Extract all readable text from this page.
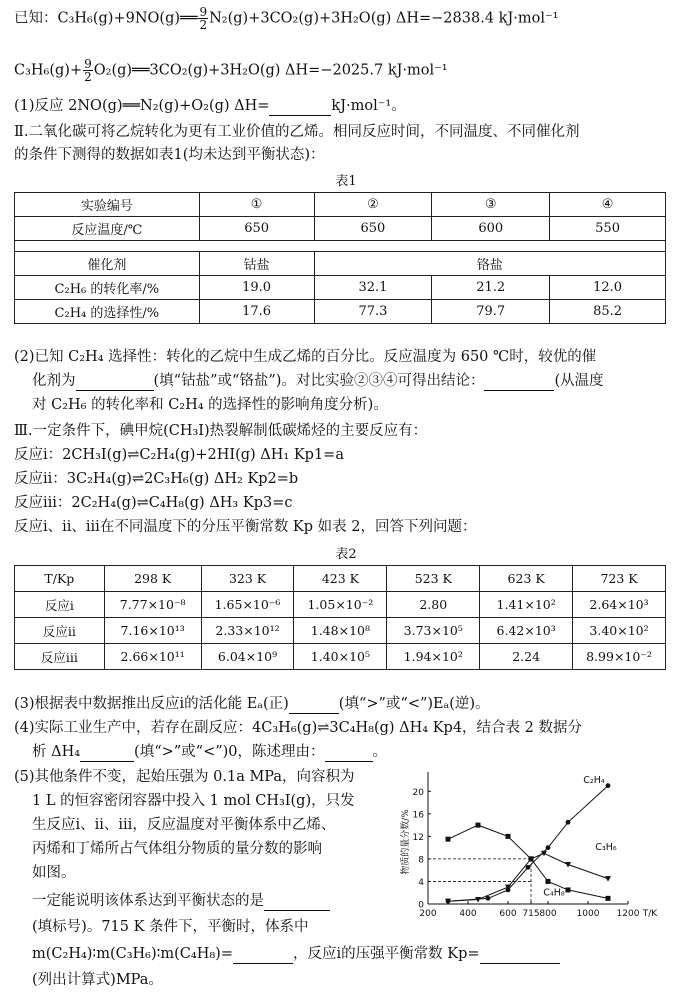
已知：C₃H₆(g)+9NO(g)══ $\frac{9}{2} N_2(g)+3CO_2(g)+3H_2O(g)$ ΔH=−2838.4 kJ·mol⁻¹
$C_3H_6(g)+ \frac{9}{2}$ O₂(g)══3CO₂(g)+3H₂O(g) ΔH=−2025.7 kJ·mol⁻¹
(1)反应 2NO(g)══N₂(g)+O₂(g) ΔH=	kJ·mol⁻¹。
Ⅱ.二氧化碳可将乙烷转化为更有工业价值的乙烯。相同反应时间，不同温度、不同催化剂
的条件下测得的数据如表1(均未达到平衡状态)：
表1
实验编号	①	②	③	④
反应温度/℃	650	650	600	550

催化剂	钴盐	铬盐		
C₂H₆ 的转化率/%	19.0	32.1	21.2	12.0
C₂H₄ 的选择性/%	17.6	77.3	79.7	85.2
(2)已知 C₂H₄ 选择性：转化的乙烷中生成乙烯的百分比。反应温度为 650 ℃时，较优的催
化剂为	(填“钴盐”或“铬盐”)。对比实验②③④可得出结论：	(从温度
对 C₂H₆ 的转化率和 C₂H₄ 的选择性的影响角度分析)。
Ⅲ.一定条件下，碘甲烷(CH₃I)热裂解制低碳烯烃的主要反应有：
反应ⅰ：2CH₃I(g)⇌C₂H₄(g)+2HI(g) ΔH₁ Kp1=a
反应ⅱ：3C₂H₄(g)⇌2C₃H₆(g) ΔH₂ Kp2=b
反应ⅲ：2C₂H₄(g)⇌C₄H₈(g) ΔH₃ Kp3=c
反应ⅰ、ⅱ、ⅲ在不同温度下的分压平衡常数 Kp 如表 2，回答下列问题：
表2
T/Kp	298 K	323 K	423 K	523 K	623 K	723 K
反应ⅰ	7.77×10⁻⁸	1.65×10⁻⁶	1.05×10⁻²	2.80	1.41×10²	2.64×10³
反应ⅱ	7.16×10¹³	2.33×10¹²	1.48×10⁸	3.73×10⁵	6.42×10³	3.40×10²
反应ⅲ	2.66×10¹¹	6.04×10⁹	1.40×10⁵	1.94×10²	2.24	8.99×10⁻²
(3)根据表中数据推出反应ⅰ的活化能 Eₐ(正)	(填“>”或“<”)Eₐ(逆)。
(4)实际工业生产中，若存在副反应：4C₃H₆(g)⇌3C₄H₈(g) ΔH₄ Kp4，结合表 2 数据分
析 ΔH₄	(填“>”或“<”)0，陈述理由：	。
(5)其他条件不变，起始压强为 0.1a MPa，向容积为
1 L 的恒容密闭容器中投入 1 mol CH₃I(g)，只发
生反应ⅰ、ⅱ、ⅲ，反应温度对平衡体系中乙烯、
丙烯和丁烯所占气体组分物质的量分数的影响
如图。
一定能说明该体系达到平衡状态的是
(填标号)。715 K 条件下，平衡时，体系中
m(C₂H₄)∶m(C₃H₆)∶m(C₄H₈)=	，反应ⅰ的压强平衡常数 Kp=
(列出计算式)MPa。
0
4
8
12
16
20
200	400	600 715 800 1000 1200 T/K
物质的量分数/%
C₂H₄
C₃H₆
C₄H₈
